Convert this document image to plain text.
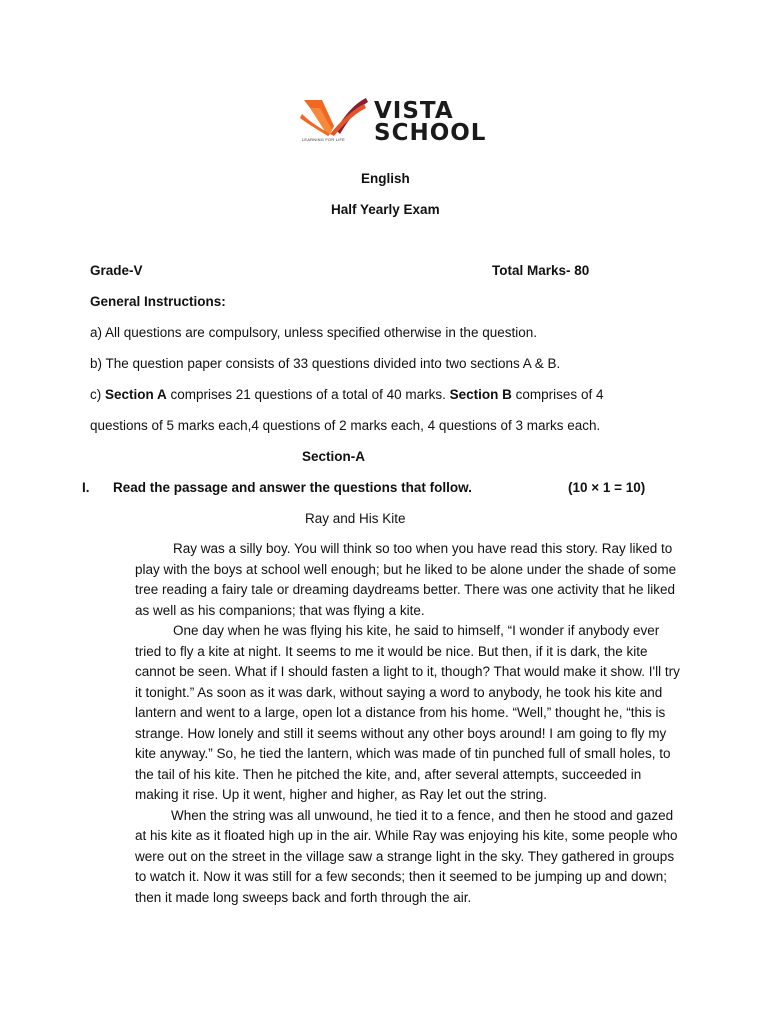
LEARNING FOR LIFE
VISTA
SCHOOL
English
Half Yearly Exam
Grade-V	Total Marks- 80
General Instructions:
a) All questions are compulsory, unless specified otherwise in the question.
b) The question paper consists of 33 questions divided into two sections A & B.
c) Section A comprises 21 questions of a total of 40 marks. Section B comprises of 4
questions of 5 marks each,4 questions of 2 marks each, 4 questions of 3 marks each.
Section-A
I. Read the passage and answer the questions that follow.	(10 × 1 = 10)
Ray and His Kite

Ray was a silly boy. You will think so too when you have read this story. Ray liked to play with the boys at school well enough; but he liked to be alone under the shade of some tree reading a fairy tale or dreaming daydreams better. There was one activity that he liked as well as his companions; that was flying a kite.

One day when he was flying his kite, he said to himself, “I wonder if anybody ever tried to fly a kite at night. It seems to me it would be nice. But then, if it is dark, the kite cannot be seen. What if I should fasten a light to it, though? That would make it show. I'll try it tonight.” As soon as it was dark, without saying a word to anybody, he took his kite and lantern and went to a large, open lot a distance from his home. “Well,” thought he, “this is strange. How lonely and still it seems without any other boys around! I am going to fly my kite anyway.” So, he tied the lantern, which was made of tin punched full of small holes, to the tail of his kite. Then he pitched the kite, and, after several attempts, succeeded in making it rise. Up it went, higher and higher, as Ray let out the string.

When the string was all unwound, he tied it to a fence, and then he stood and gazed at his kite as it floated high up in the air. While Ray was enjoying his kite, some people who were out on the street in the village saw a strange light in the sky. They gathered in groups to watch it. Now it was still for a few seconds; then it seemed to be jumping up and down; then it made long sweeps back and forth through the air.
